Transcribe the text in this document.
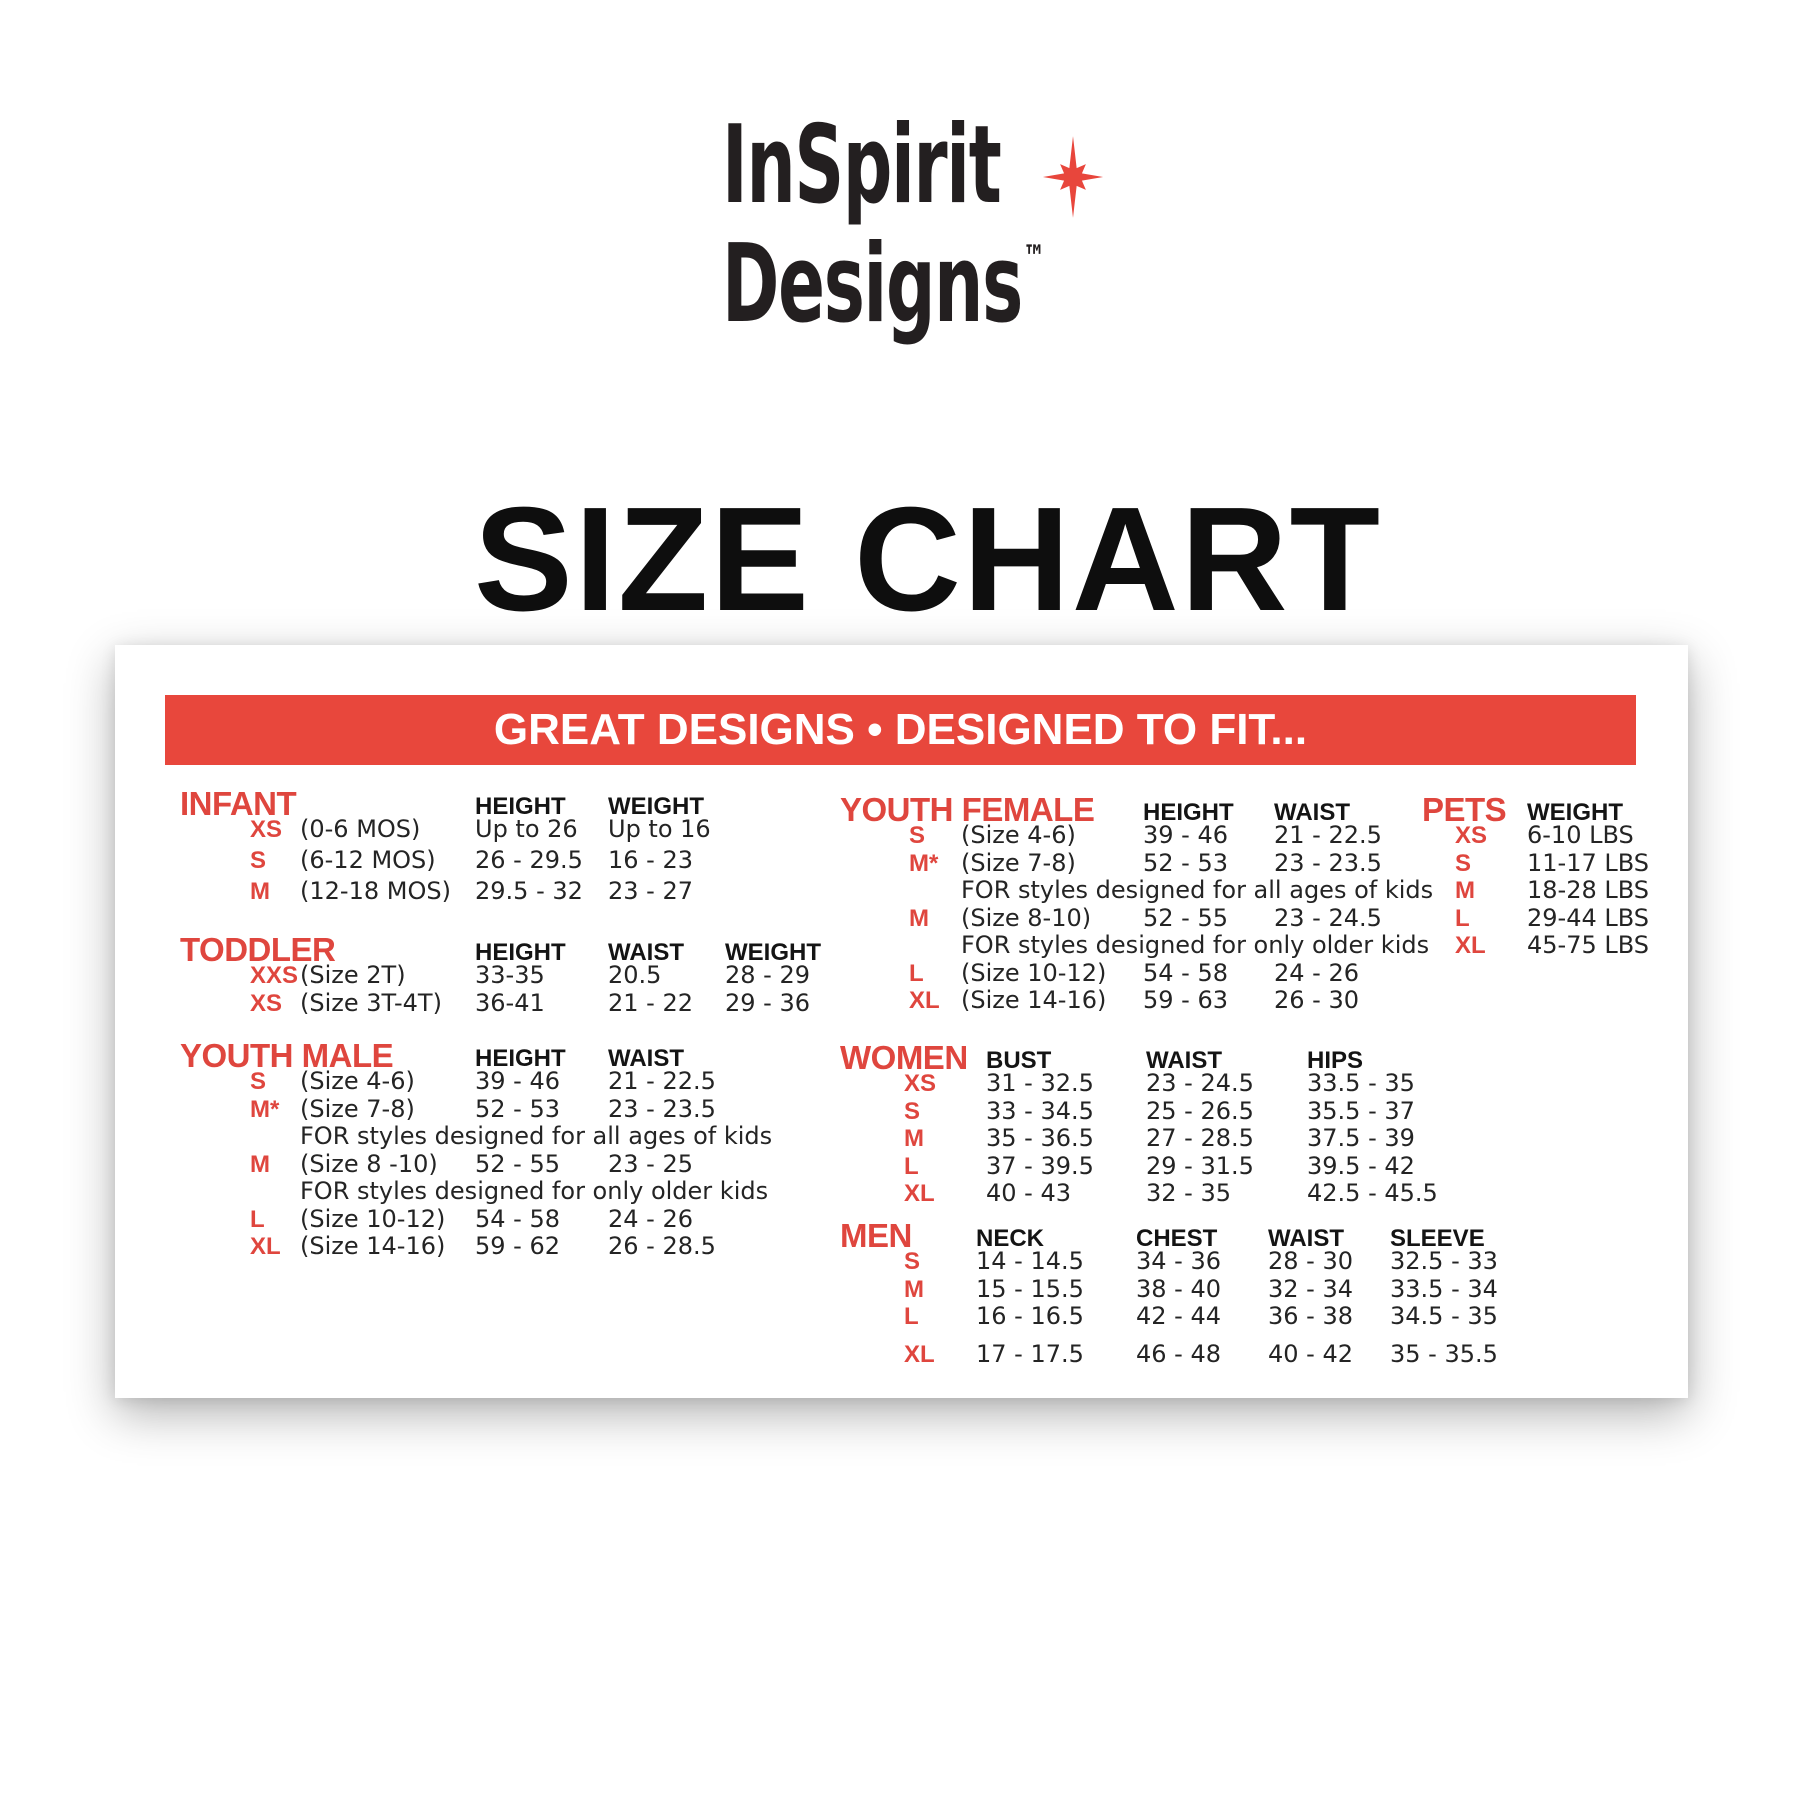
InSpirit
Designs™
SIZE CHART
GREAT DESIGNS • DESIGNED TO FIT...
INFANT	HEIGHT	WEIGHT
XS (0-6 MOS)	Up to 26	Up to 16
S	(6-12 MOS)	26 - 29.5	16 - 23
M	(12-18 MOS)	29.5 - 32	23 - 27
TODDLER	HEIGHT	WAIST	WEIGHT
XXS (Size 2T)	33-35	20.5	28 - 29
XS (Size 3T-4T)	36-41	21 - 22	29 - 36
YOUTH MALE	HEIGHT	WAIST
S	(Size 4-6)	39 - 46	21 - 22.5
M* (Size 7-8)	52 - 53	23 - 23.5
FOR styles designed for all ages of kids
M	(Size 8 -10)	52 - 55	23 - 25
FOR styles designed for only older kids
L	(Size 10-12)	54 - 58	24 - 26
XL (Size 14-16)	59 - 62	26 - 28.5
YOUTH FEMALE	HEIGHT	WAIST
S	(Size 4-6)	39 - 46	21 - 22.5
M* (Size 7-8)	52 - 53	23 - 23.5
FOR styles designed for all ages of kids
M	(Size 8-10)	52 - 55	23 - 24.5
FOR styles designed for only older kids
L	(Size 10-12)	54 - 58	24 - 26
XL (Size 14-16)	59 - 63	26 - 30
WOMEN BUST	WAIST	HIPS
XS	31 - 32.5	23 - 24.5	33.5 - 35
S	33 - 34.5	25 - 26.5	35.5 - 37
M	35 - 36.5	27 - 28.5	37.5 - 39
L	37 - 39.5	29 - 31.5	39.5 - 42
XL	40 - 43	32 - 35	42.5 - 45.5
MEN	NECK	CHEST	WAIST	SLEEVE
S	14 - 14.5	34 - 36	28 - 30	32.5 - 33
M	15 - 15.5	38 - 40	32 - 34	33.5 - 34
L	16 - 16.5	42 - 44	36 - 38	34.5 - 35
XL	17 - 17.5	46 - 48	40 - 42	35 - 35.5
PETS WEIGHT
XS	6-10 LBS
S	11-17 LBS
M	18-28 LBS
L	29-44 LBS
XL	45-75 LBS
